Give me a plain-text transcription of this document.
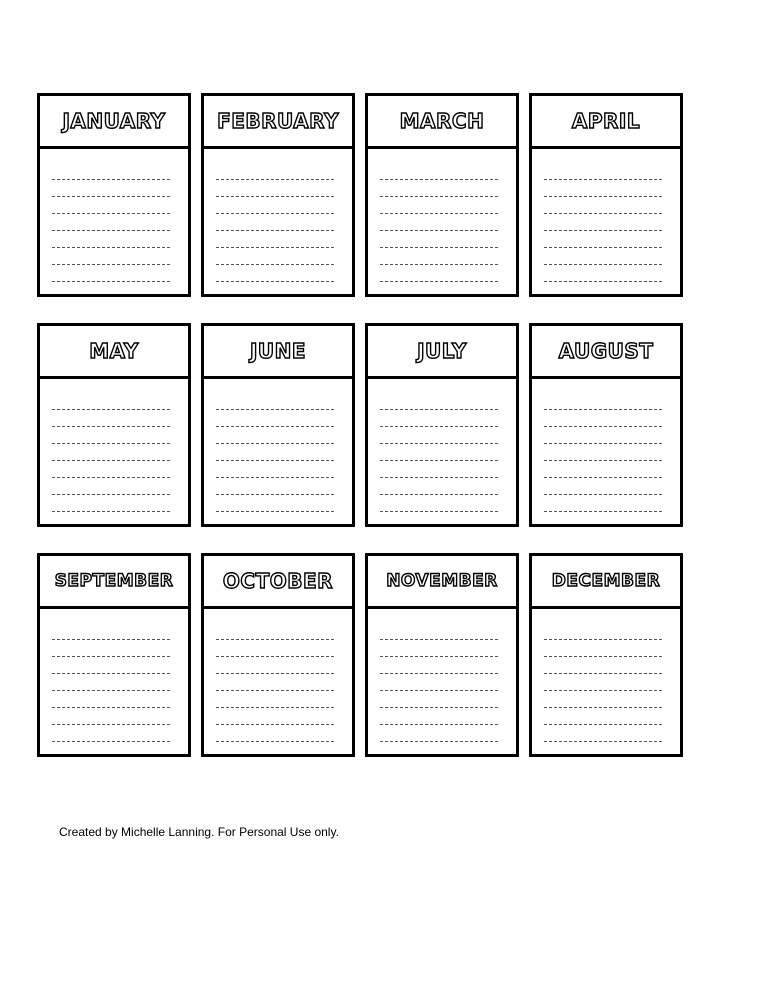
JANUARY	FEBRUARY	MARCH	APRIL
MAY	JUNE	JULY	AUGUST
SEPTEMBER OCTOBER	NOVEMBER	DECEMBER
Created by Michelle Lanning. For Personal Use only.
